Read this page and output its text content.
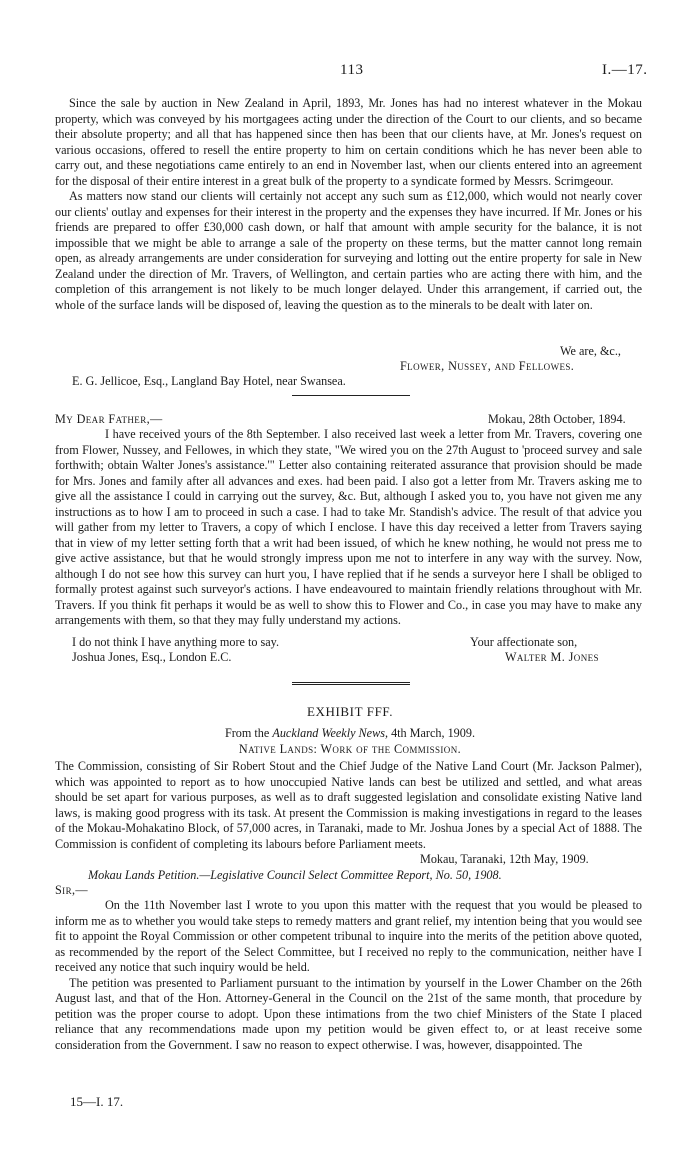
113	I.—17.

Since the sale by auction in New Zealand in April, 1893, Mr. Jones has had no interest whatever in the Mokau property, which was conveyed by his mortgagees acting under the direction of the Court to our clients, and so became their absolute property; and all that has happened since then has been that our clients have, at Mr. Jones's request on various occasions, offered to resell the entire property to him on certain conditions which he has never been able to carry out, and these negotiations came entirely to an end in November last, when our clients entered into an agreement for the disposal of their entire interest in a great bulk of the property to a syndicate formed by Messrs. Scrimgeour.

As matters now stand our clients will certainly not accept any such sum as £12,000, which would not nearly cover our clients' outlay and expenses for their interest in the property and the expenses they have incurred. If Mr. Jones or his friends are prepared to offer £30,000 cash down, or half that amount with ample security for the balance, it is not impossible that we might be able to arrange a sale of the property on these terms, but the matter cannot long remain open, as already arrangements are under consideration for surveying and lotting out the entire property for sale in New Zealand under the direction of Mr. Travers, of Wellington, and certain parties who are acting there with him, and the completion of this arrangement is not likely to be much longer delayed. Under this arrangement, if carried out, the whole of the surface lands will be disposed of, leaving the question as to the minerals to be dealt with later on.

We are, &c.,
Flower, Nussey, and Fellowes.
E. G. Jellicoe, Esq., Langland Bay Hotel, near Swansea.
My Dear Father,—	Mokau, 28th October, 1894.

I have received yours of the 8th September. I also received last week a letter from Mr. Travers, covering one from Flower, Nussey, and Fellowes, in which they state, "We wired you on the 27th August to 'proceed survey and sale forthwith; obtain Walter Jones's assistance.'" Letter also containing reiterated assurance that provision should be made for Mrs. Jones and family after all advances and exes. had been paid. I also got a letter from Mr. Travers asking me to give all the assistance I could in carrying out the survey, &c. But, although I asked you to, you have not given me any instructions as to how I am to proceed in such a case. I had to take Mr. Standish's advice. The result of that advice you will gather from my letter to Travers, a copy of which I enclose. I have this day received a letter from Travers saying that in view of my letter setting forth that a writ had been issued, of which he knew nothing, he would not press me to give active assistance, but that he would strongly impress upon me not to interfere in any way with the survey. Now, although I do not see how this survey can hurt you, I have replied that if he sends a surveyor here I shall be obliged to formally protest against such surveyor's actions. I have endeavoured to maintain friendly relations throughout with Mr. Travers. If you think fit perhaps it would be as well to show this to Flower and Co., in case you may have to make any arrangements with them, so that they may fully understand my actions.

I do not think I have anything more to say.	Your affectionate son,
Joshua Jones, Esq., London E.C.	Walter M. Jones
EXHIBIT FFF.
From the Auckland Weekly News, 4th March, 1909.
Native Lands: Work of the Commission.

The Commission, consisting of Sir Robert Stout and the Chief Judge of the Native Land Court (Mr. Jackson Palmer), which was appointed to report as to how unoccupied Native lands can best be utilized and settled, and what areas should be set apart for various purposes, as well as to draft suggested legislation and consolidate existing Native land laws, is making good progress with its task. At present the Commission is making investigations in regard to the leases of the Mokau-Mohakatino Block, of 57,000 acres, in Taranaki, made to Mr. Joshua Jones by a special Act of 1888. The Commission is confident of completing its labours before Parliament meets.

Mokau, Taranaki, 12th May, 1909.
Mokau Lands Petition.—Legislative Council Select Committee Report, No. 50, 1908.
Sir,—

On the 11th November last I wrote to you upon this matter with the request that you would be pleased to inform me as to whether you would take steps to remedy matters and grant relief, my intention being that you would see fit to appoint the Royal Commission or other competent tribunal to inquire into the merits of the petition above quoted, as recommended by the report of the Select Committee, but I received no reply to the communication, neither have I received any notice that such inquiry would be held.

The petition was presented to Parliament pursuant to the intimation by yourself in the Lower Chamber on the 26th August last, and that of the Hon. Attorney-General in the Council on the 21st of the same month, that procedure by petition was the proper course to adopt. Upon these intimations from the two chief Ministers of the State I placed reliance that any recommendations made upon my petition would be given effect to, or at least receive some consideration from the Government. I saw no reason to expect otherwise. I was, however, disappointed. The

15—I. 17.
